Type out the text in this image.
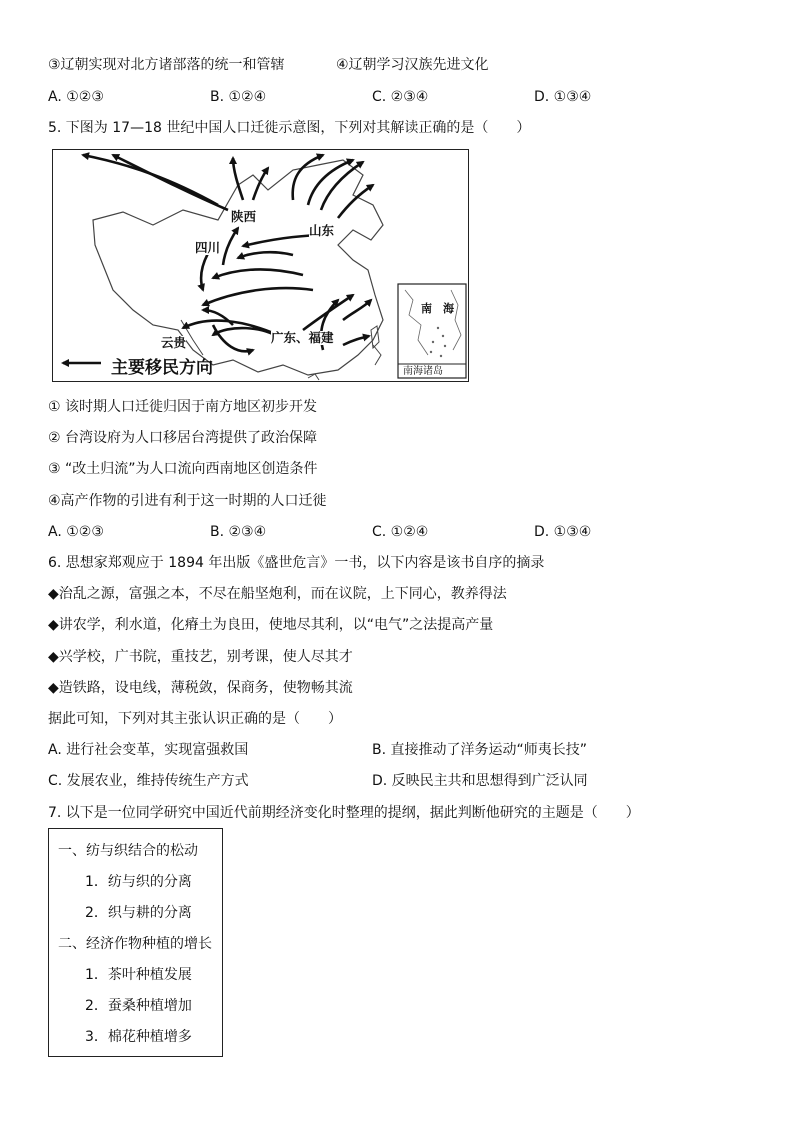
③辽朝实现对北方诸部落的统一和管辖	④辽朝学习汉族先进文化
A. ①②③	B. ①②④	C. ②③④	D. ①③④
5. 下图为 17—18 世纪中国人口迁徙示意图，下列对其解读正确的是（　　）
陕西
山东
四川
云贵	广东、福建
主要移民方向
南　海
南海诸岛
① 该时期人口迁徙归因于南方地区初步开发
② 台湾设府为人口移居台湾提供了政治保障
③ “改土归流”为人口流向西南地区创造条件
④高产作物的引进有利于这一时期的人口迁徙
A. ①②③	B. ②③④	C. ①②④	D. ①③④
6. 思想家郑观应于 1894 年出版《盛世危言》一书，以下内容是该书自序的摘录
◆治乱之源，富强之本，不尽在船坚炮利，而在议院，上下同心，教养得法
◆讲农学，利水道，化瘠土为良田，使地尽其利，以“电气”之法提高产量
◆兴学校，广书院，重技艺，别考课，使人尽其才
◆造铁路，设电线，薄税敛，保商务，使物畅其流
据此可知，下列对其主张认识正确的是（　　）
A. 进行社会变革，实现富强救国	B. 直接推动了洋务运动“师夷长技”
C. 发展农业，维持传统生产方式	D. 反映民主共和思想得到广泛认同
7. 以下是一位同学研究中国近代前期经济变化时整理的提纲，据此判断他研究的主题是（　　）
一、纺与织结合的松动
1．纺与织的分离
2．织与耕的分离
二、经济作物种植的增长
1．茶叶种植发展
2．蚕桑种植增加
3．棉花种植增多
